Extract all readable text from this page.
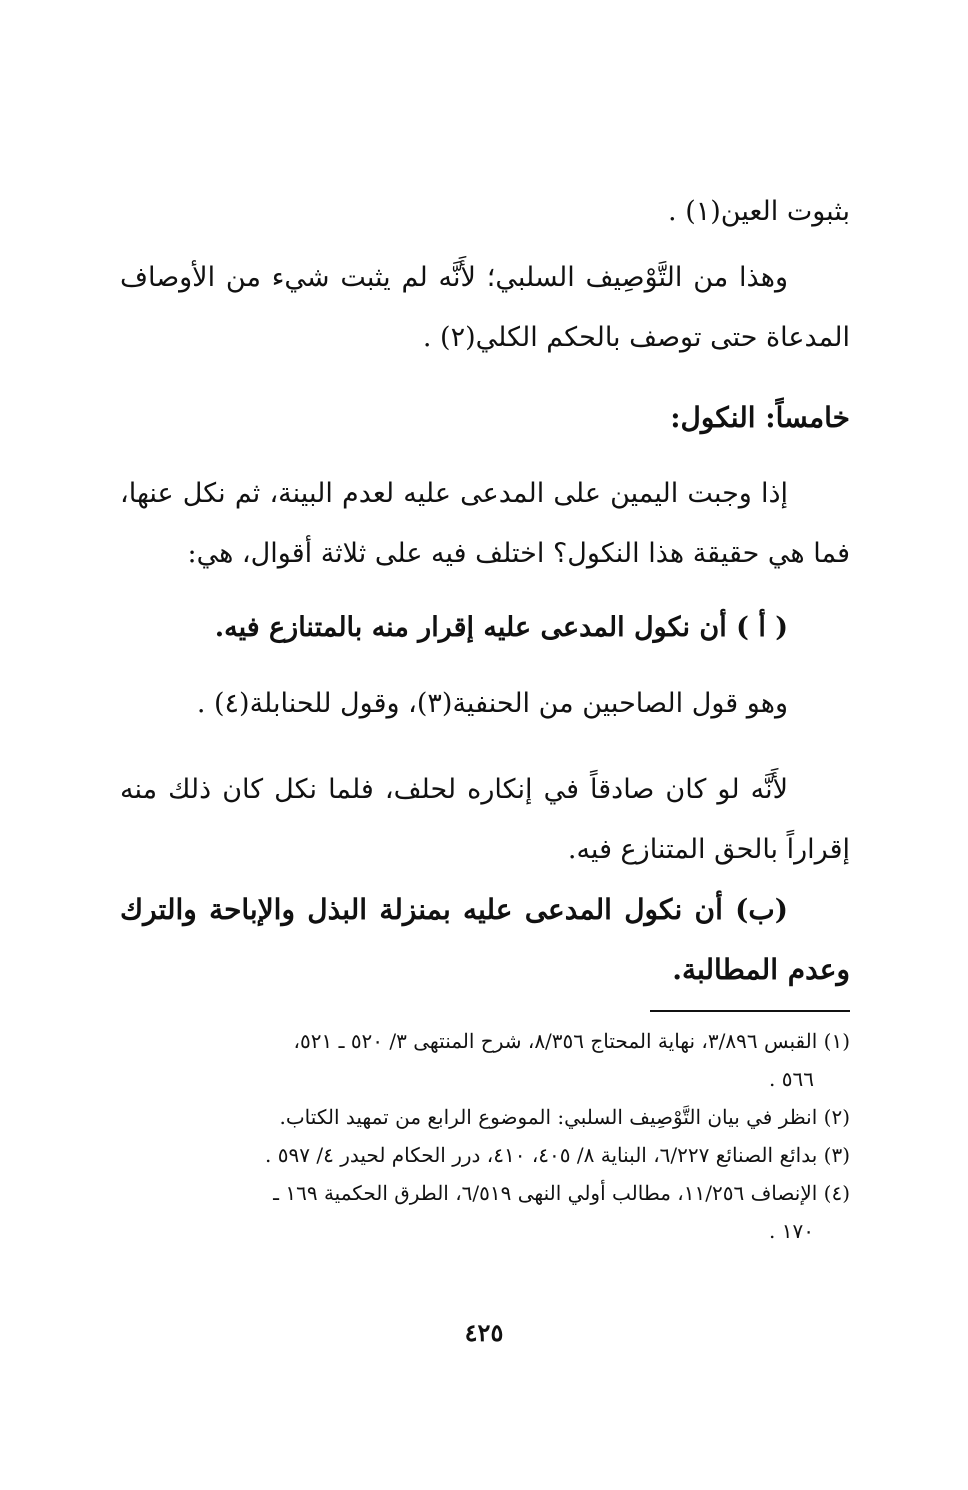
بثبوت العين(١) .
وهذا من التَّوْصِيف السلبي؛ لأَنَّه لم يثبت شيء من الأوصاف
المدعاة حتى توصف بالحكم الكلي(٢) .
خامساً: النكول:
إذا وجبت اليمين على المدعى عليه لعدم البينة، ثم نكل عنها،
فما هي حقيقة هذا النكول؟ اختلف فيه على ثلاثة أقوال، هي:
( أ ) أن نكول المدعى عليه إقرار منه بالمتنازع فيه.
وهو قول الصاحبين من الحنفية(٣)، وقول للحنابلة(٤) .
لأَنَّه لو كان صادقاً في إنكاره لحلف، فلما نكل كان ذلك منه
إقراراً بالحق المتنازع فيه.
(ب) أن نكول المدعى عليه بمنزلة البذل والإباحة والترك
وعدم المطالبة.
(١) القبس ٣/٨٩٦، نهاية المحتاج ٨/٣٥٦، شرح المنتهى ٣/ ٥٢٠ ـ ٥٢١،
٥٦٦ .
(٢) انظر في بيان التَّوْصِيف السلبي: الموضوع الرابع من تمهيد الكتاب.
(٣) بدائع الصنائع ٦/٢٢٧، البناية ٨/ ٤٠٥، ٤١٠، درر الحكام لحيدر ٤/ ٥٩٧ .
(٤) الإنصاف ١١/٢٥٦، مطالب أولي النهى ٦/٥١٩، الطرق الحكمية ١٦٩ ـ
١٧٠ .
٤٢٥
